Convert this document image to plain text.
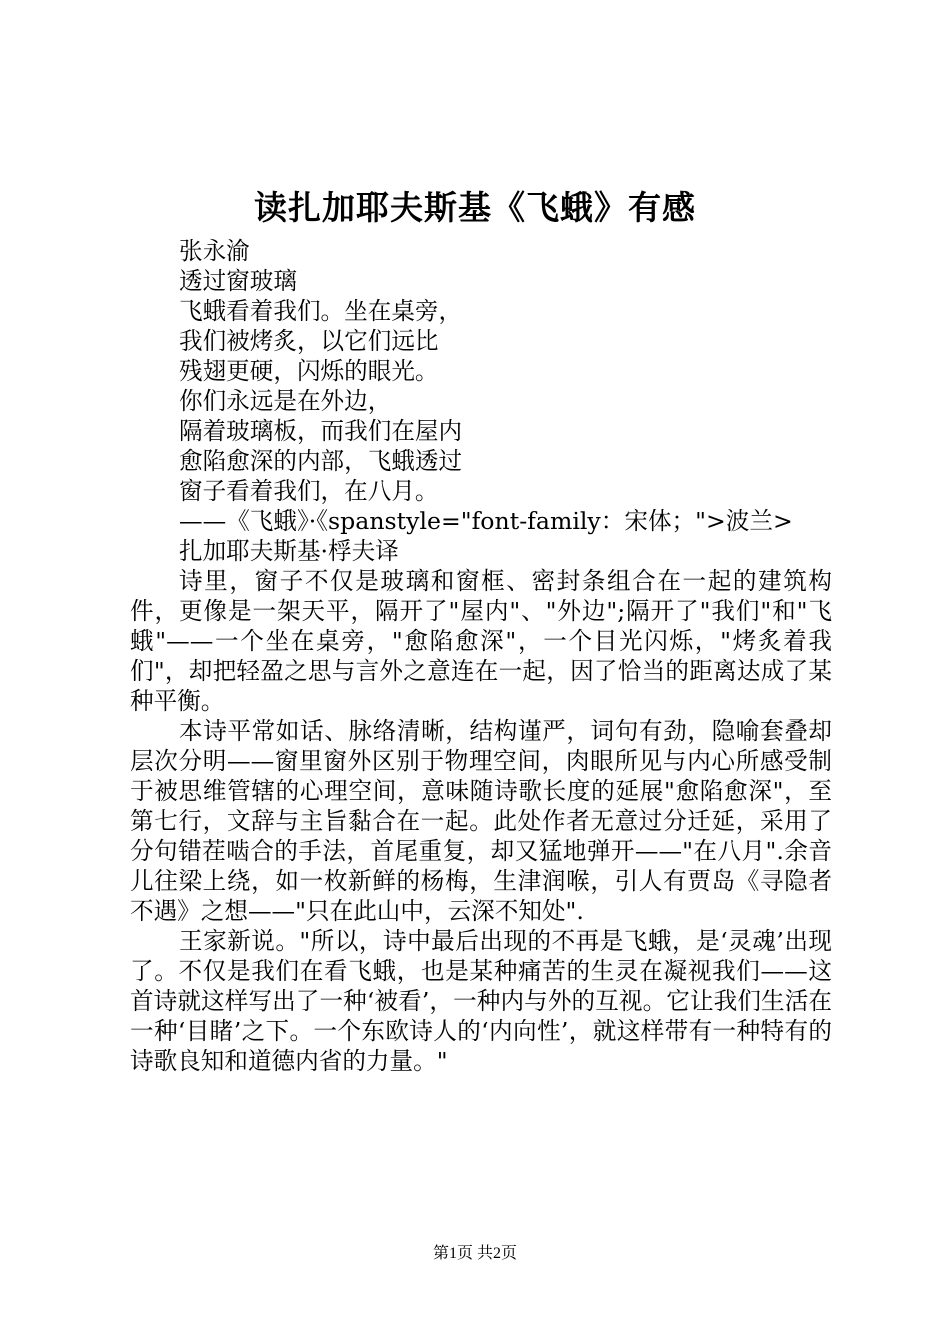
读扎加耶夫斯基《飞蛾》有感

张永渝

透过窗玻璃

飞蛾看着我们。坐在桌旁，

我们被烤炙，以它们远比

残翅更硬，闪烁的眼光。

你们永远是在外边，

隔着玻璃板，而我们在屋内

愈陷愈深的内部，飞蛾透过

窗子看着我们，在八月。

——《飞蛾》·《spanstyle="font-family：宋体；">波兰>

扎加耶夫斯基·桴夫译

诗里，窗子不仅是玻璃和窗框、密封条组合在一起的建筑构件，更像是一架天平，隔开了"屋内"、"外边";隔开了"我们"和"飞蛾"——一个坐在桌旁，"愈陷愈深"，一个目光闪烁，"烤炙着我们"，却把轻盈之思与言外之意连在一起，因了恰当的距离达成了某种平衡。

本诗平常如话、脉络清晰，结构谨严，词句有劲，隐喻套叠却层次分明——窗里窗外区别于物理空间，肉眼所见与内心所感受制于被思维管辖的心理空间，意味随诗歌长度的延展"愈陷愈深"，至第七行，文辞与主旨黏合在一起。此处作者无意过分迁延，采用了分句错茬啮合的手法，首尾重复，却又猛地弹开——"在八月".余音儿往梁上绕，如一枚新鲜的杨梅，生津润喉，引人有贾岛《寻隐者不遇》之想——"只在此山中，云深不知处".

王家新说。"所以，诗中最后出现的不再是飞蛾，是‘灵魂’出现了。不仅是我们在看飞蛾，也是某种痛苦的生灵在凝视我们——这首诗就这样写出了一种‘被看’，一种内与外的互视。它让我们生活在一种‘目睹’之下。一个东欧诗人的‘内向性’，就这样带有一种特有的诗歌良知和道德内省的力量。"

第1页 共2页
